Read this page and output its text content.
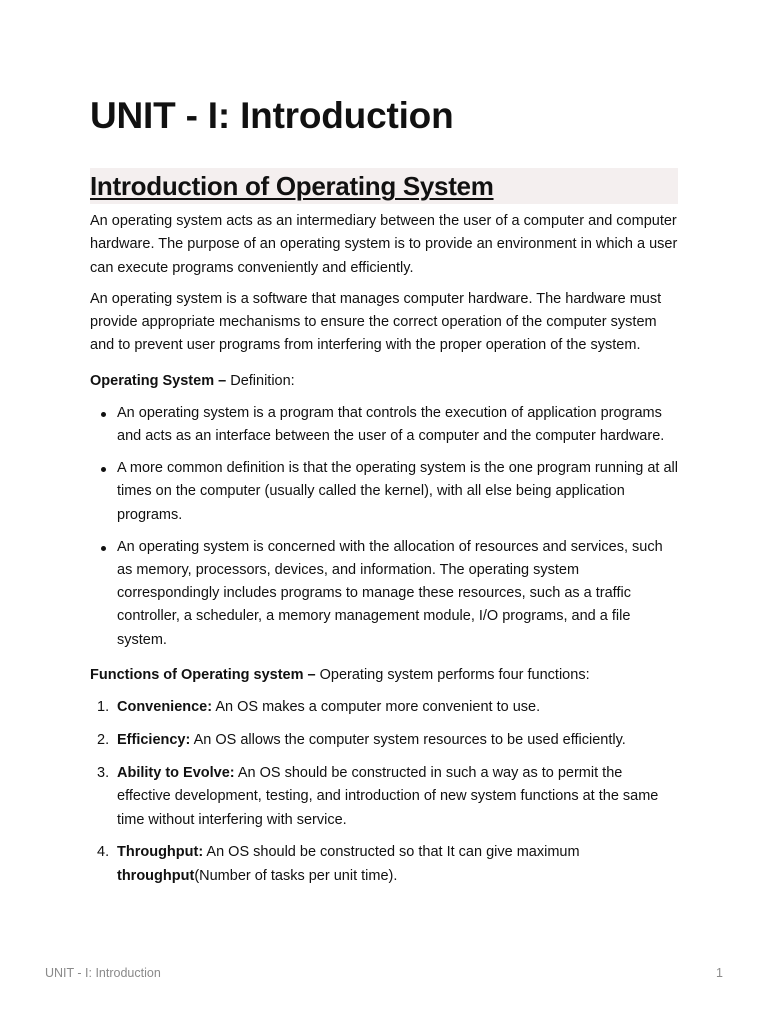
UNIT - I: Introduction
Introduction of Operating System

An operating system acts as an intermediary between the user of a computer and computer hardware. The purpose of an operating system is to provide an environment in which a user can execute programs conveniently and efficiently.

An operating system is a software that manages computer hardware. The hardware must provide appropriate mechanisms to ensure the correct operation of the computer system and to prevent user programs from interfering with the proper operation of the system.

Operating System – Definition:

An operating system is a program that controls the execution of application programs and acts as an interface between the user of a computer and the computer hardware.
A more common definition is that the operating system is the one program running at all times on the computer (usually called the kernel), with all else being application programs.
An operating system is concerned with the allocation of resources and services, such as memory, processors, devices, and information. The operating system correspondingly includes programs to manage these resources, such as a traffic controller, a scheduler, a memory management module, I/O programs, and a file system.

Functions of Operating system – Operating system performs four functions:

1. Convenience: An OS makes a computer more convenient to use.
2. Efficiency: An OS allows the computer system resources to be used efficiently.
3. Ability to Evolve: An OS should be constructed in such a way as to permit the effective development, testing, and introduction of new system functions at the same time without interfering with service.
4. Throughput: An OS should be constructed so that It can give maximum throughput(Number of tasks per unit time).
UNIT - I: Introduction	1
